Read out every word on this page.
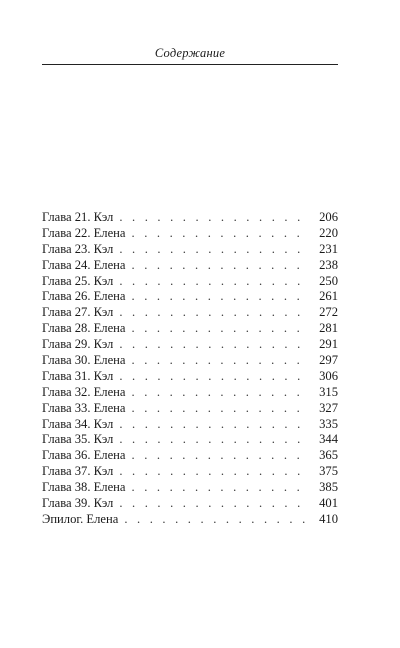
Содержание
Глава 21. Кэл . . .	206
Глава 22. Елена . . .	220
Глава 23. Кэл . . .	231
Глава 24. Елена . . .	238
Глава 25. Кэл . . .	250
Глава 26. Елена . . .	261
Глава 27. Кэл . . .	272
Глава 28. Елена . . .	281
Глава 29. Кэл . . .	291
Глава 30. Елена . . .	297
Глава 31. Кэл . . .	306
Глава 32. Елена . . .	315
Глава 33. Елена . . .	327
Глава 34. Кэл . . .	335
Глава 35. Кэл . . .	344
Глава 36. Елена . . .	365
Глава 37. Кэл . . .	375
Глава 38. Елена . . .	385
Глава 39. Кэл . . .	401
Эпилог. Елена . . .	410
